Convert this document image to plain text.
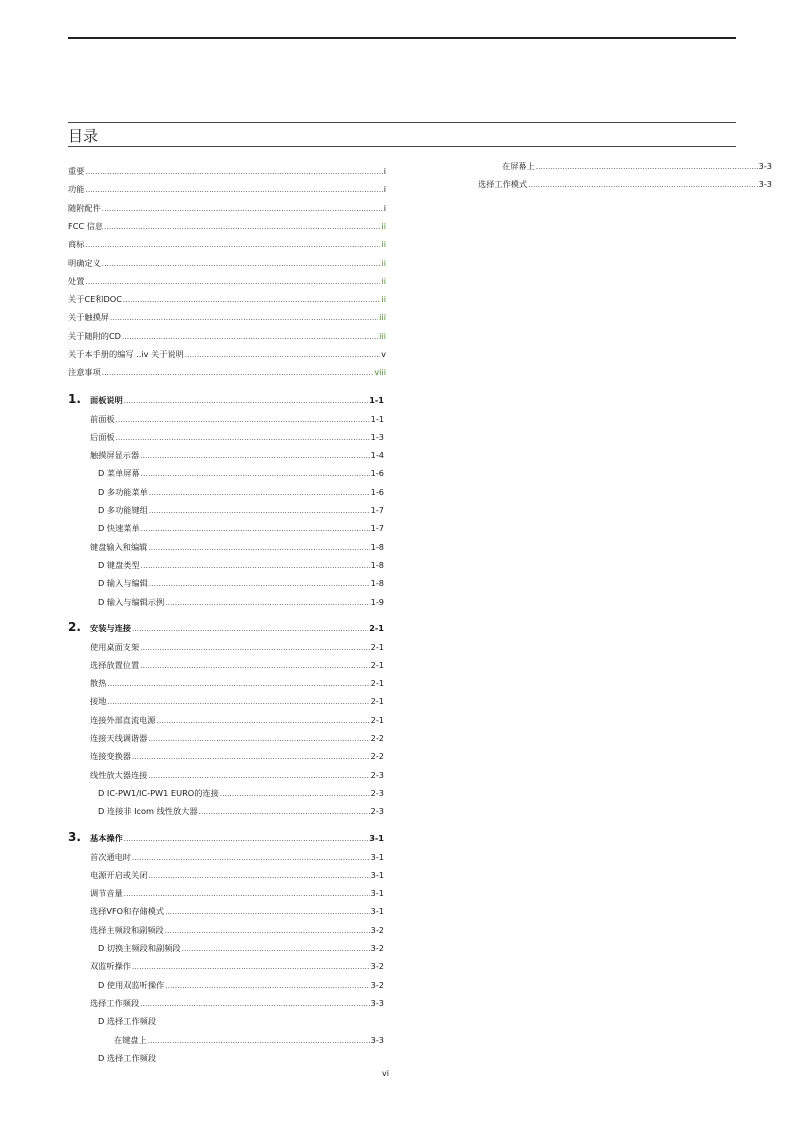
目录
重要 .....	i
功能 .....	i
随附配件 .....	i
FCC 信息 .....	ii
商标 .....	ii
明确定义 .....	ii
处置 .....	ii
关于CE和DOC .....	ii
关于触摸屏 .....	iii
关于随附的CD .....	iii
关于本手册的编写 ..iv 关于说明 .....	v
注意事项 .....	viii
1. 面板说明 .....	1-1
前面板 .....	1-1
后面板 .....	1-3
触摸屏显示器 .....	1-4
D 菜单屏幕 .....	1-6
D 多功能菜单 .....	1-6
D 多功能键组 .....	1-7
D 快速菜单 .....	1-7
键盘输入和编辑 .....	1-8
D 键盘类型 .....	1-8
D 输入与编辑 .....	1-8
D 输入与编辑示例 .....	1-9
2. 安装与连接 .....	2-1
使用桌面支架 .....	2-1
选择放置位置 .....	2-1
散热 .....	2-1
接地 .....	2-1
连接外部直流电源 .....	2-1
连接天线调谐器 .....	2-2
连接变换器 .....	2-2
线性放大器连接 .....	2-3
D IC-PW1/IC-PW1 EURO的连接 .....	2-3
D 连接非 Icom 线性放大器 .....	2-3
3. 基本操作 .....	3-1
首次通电时 .....	3-1
电源开启或关闭 .....	3-1
调节音量 .....	3-1
选择VFO和存储模式 .....	3-1
选择主频段和副频段 .....	3-2
D 切换主频段和副频段 .....	3-2
双监听操作 .....	3-2
D 使用双监听操作 .....	3-2
选择工作频段 .....	3-3
D 选择工作频段
在键盘上 .....	3-3
D 选择工作频段
在屏幕上 .....	3-3
选择工作模式 .....	3-3
vi
